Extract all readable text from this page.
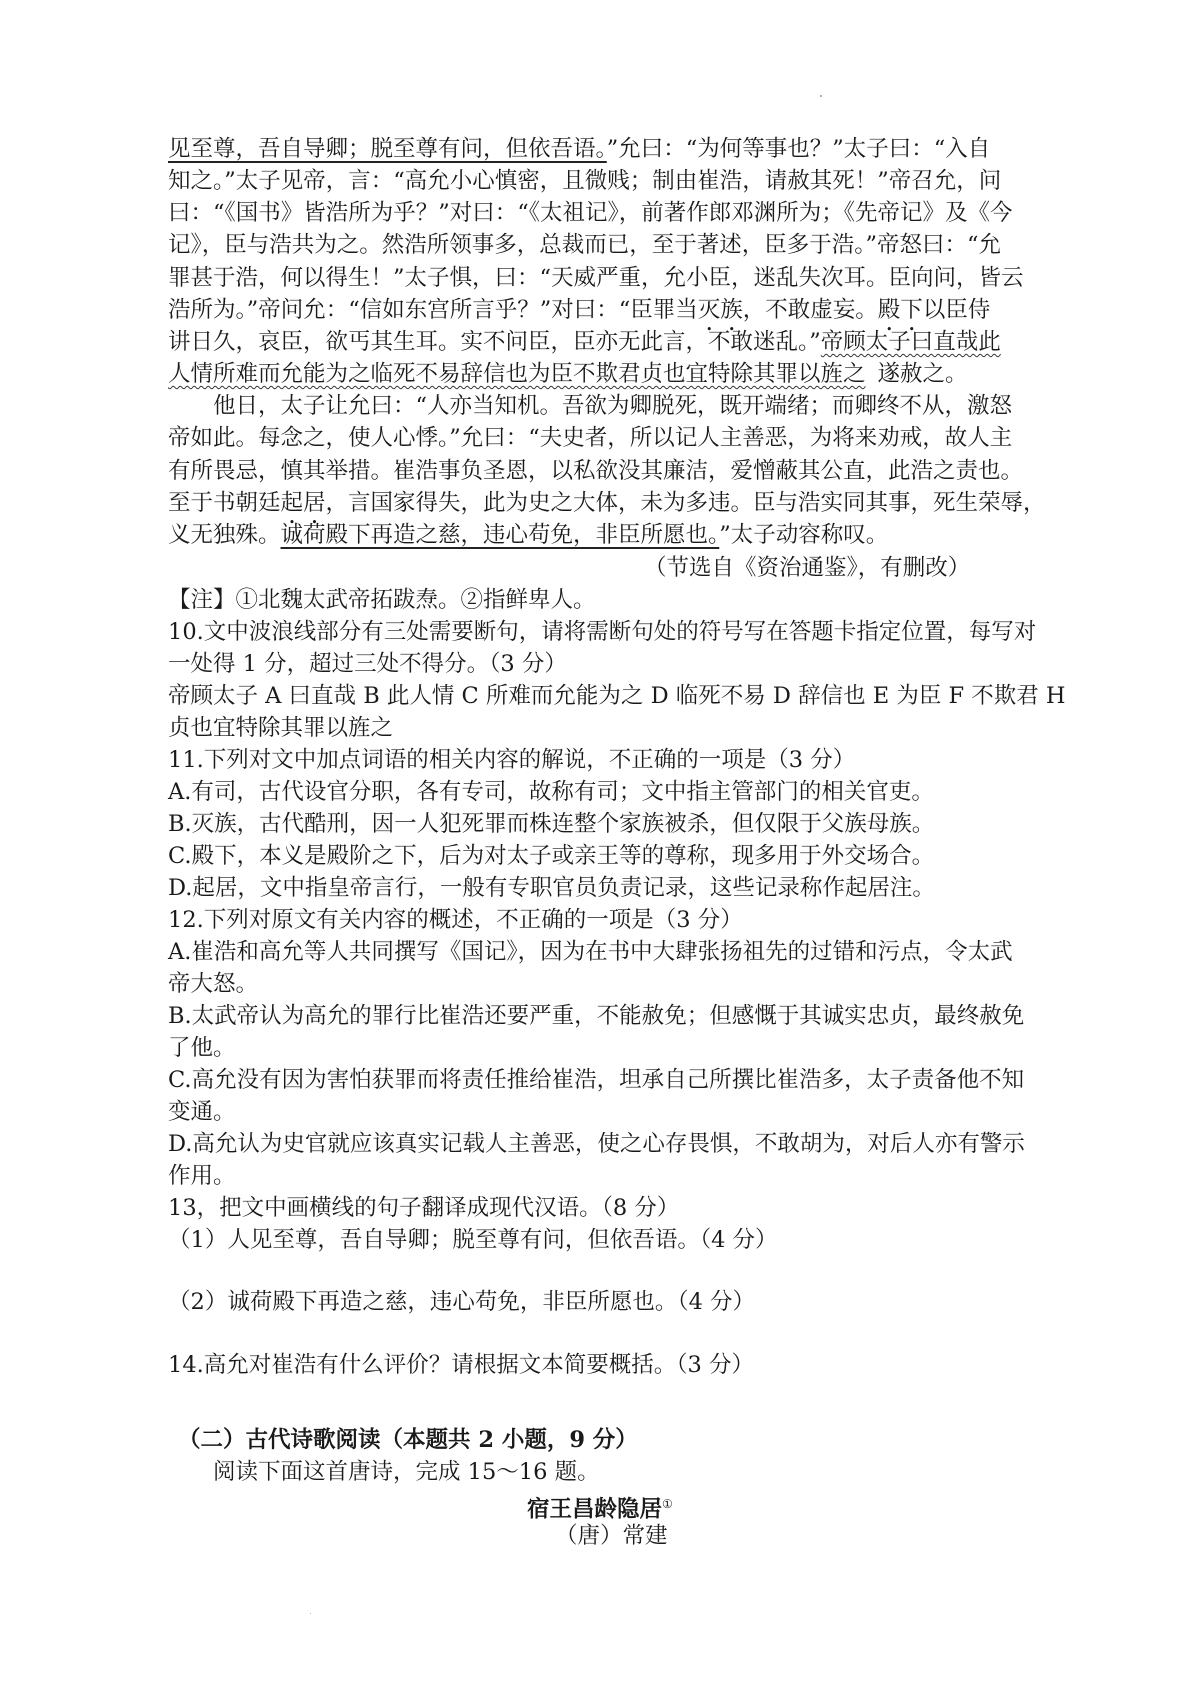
见至尊，吾自导卿；脱至尊有问，但依吾语。”允曰：“为何等事也？”太子曰：“入自
知之。”太子见帝，言：“高允小心慎密，且微贱；制由崔浩，请赦其死！”帝召允，问
曰：“《国书》皆浩所为乎？”对曰：“《太祖记》，前著作郎邓渊所为；《先帝记》及《今
记》，臣与浩共为之。然浩所领事多，总裁而已，至于著述，臣多于浩。”帝怒曰：“允
罪甚于浩，何以得生！”太子惧，曰：“天威严重，允小臣，迷乱失次耳。臣向问，皆云
浩所为。”帝问允：“信如东宫所言乎？”对曰：“臣罪当灭族，不敢虚妄。殿下以臣侍
讲日久，哀臣，欲丐其生耳。实不问臣，臣亦无此言，不敢迷乱。”帝顾太子曰直哉此
人情所难而允能为之临死不易辞信也为臣不欺君贞也宜特除其罪以旌之 遂赦之。
他日，太子让允曰：“人亦当知机。吾欲为卿脱死，既开端绪；而卿终不从，激怒
帝如此。每念之，使人心悸。”允曰：“夫史者，所以记人主善恶，为将来劝戒，故人主
有所畏忌，慎其举措。崔浩事负圣恩，以私欲没其廉洁，爱憎蔽其公直，此浩之责也。
至于书朝廷起居，言国家得失，此为史之大体，未为多违。臣与浩实同其事，死生荣辱，
义无独殊。诚荷殿下再造之慈，违心苟免，非臣所愿也。”太子动容称叹。
（节选自《资治通鉴》，有删改）
【注】①北魏太武帝拓跋焘。②指鲜卑人。
10.文中波浪线部分有三处需要断句，请将需断句处的符号写在答题卡指定位置，每写对
一处得 1 分，超过三处不得分。（3 分）
帝顾太子 A 曰直哉 B 此人情 C 所难而允能为之 D 临死不易 D 辞信也 E 为臣 F 不欺君 H
贞也宜特除其罪以旌之
11.下列对文中加点词语的相关内容的解说，不正确的一项是（3 分）
A.有司，古代设官分职，各有专司，故称有司；文中指主管部门的相关官吏。
B.灭族，古代酷刑，因一人犯死罪而株连整个家族被杀，但仅限于父族母族。
C.殿下，本义是殿阶之下，后为对太子或亲王等的尊称，现多用于外交场合。
D.起居，文中指皇帝言行，一般有专职官员负责记录，这些记录称作起居注。
12.下列对原文有关内容的概述，不正确的一项是（3 分）
A.崔浩和高允等人共同撰写《国记》，因为在书中大肆张扬祖先的过错和污点，令太武
帝大怒。
B.太武帝认为高允的罪行比崔浩还要严重，不能赦免；但感慨于其诚实忠贞，最终赦免
了他。
C.高允没有因为害怕获罪而将责任推给崔浩，坦承自己所撰比崔浩多，太子责备他不知
变通。
D.高允认为史官就应该真实记载人主善恶，使之心存畏惧，不敢胡为，对后人亦有警示
作用。
13，把文中画横线的句子翻译成现代汉语。（8 分）
（1）人见至尊，吾自导卿；脱至尊有问，但依吾语。（4 分）
（2）诚荷殿下再造之慈，违心苟免，非臣所愿也。（4 分）
14.高允对崔浩有什么评价？请根据文本简要概括。（3 分）
（二）古代诗歌阅读（本题共 2 小题，9 分）
阅读下面这首唐诗，完成 15～16 题。
宿王昌龄隐居①
（唐）常建
